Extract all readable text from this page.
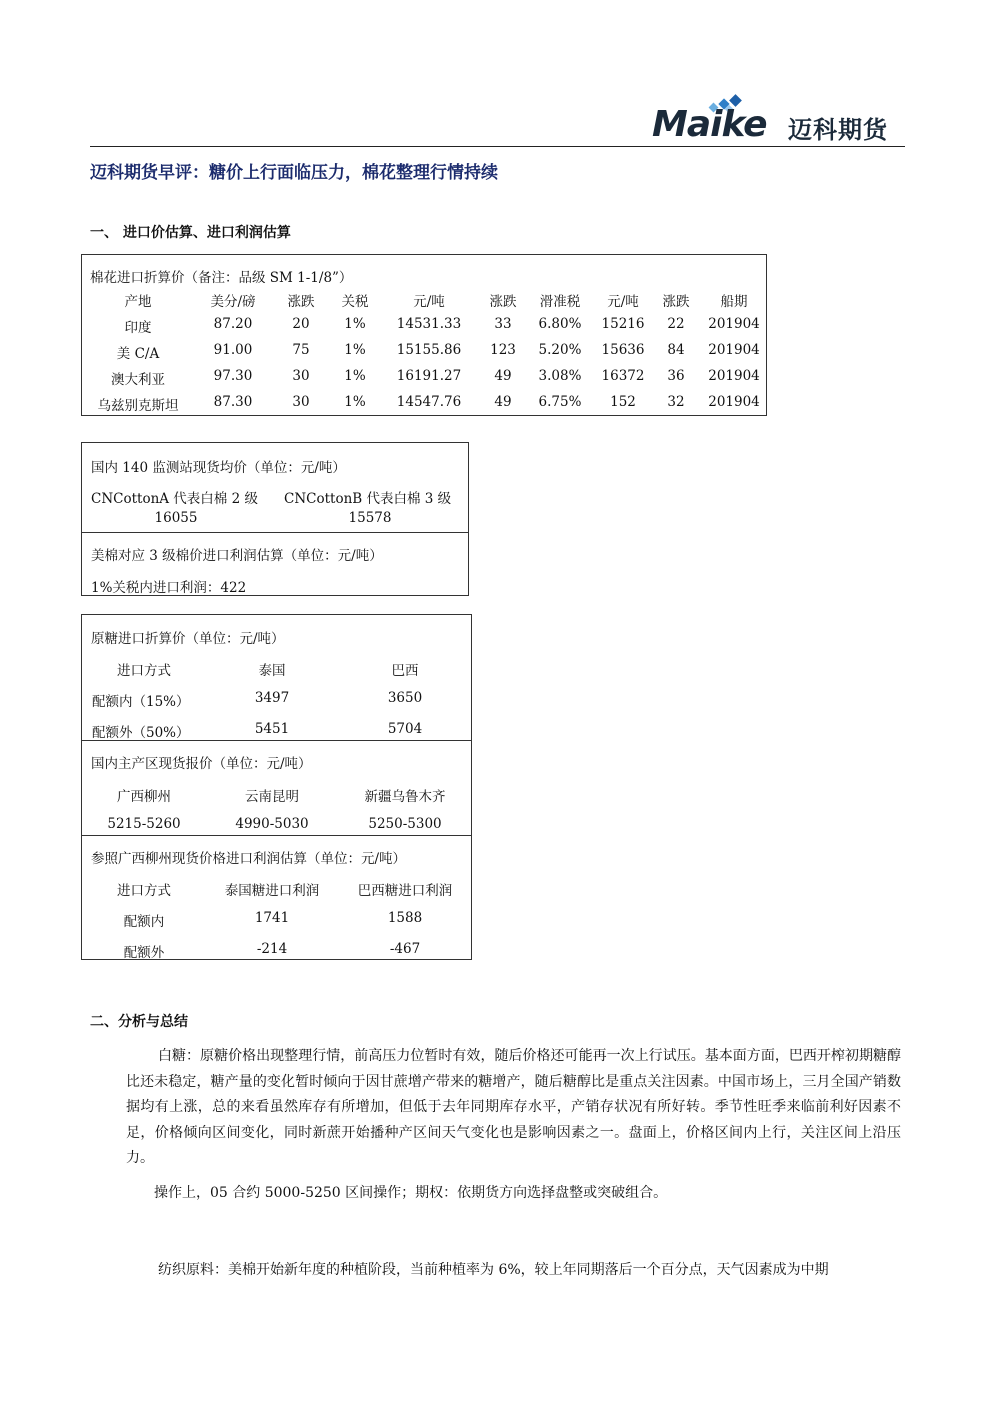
Maike 迈科期货
迈科期货早评：糖价上行面临压力，棉花整理行情持续
一、 进口价估算、进口利润估算
棉花进口折算价（备注：品级 SM 1-1/8”）
产地	美分/磅 涨跌 关税	元/吨	涨跌 滑准税 元/吨 涨跌 船期
印度	87.20	20	1% 14531.33 33 6.80% 15216 22 201904
美 C/A	91.00	75	1% 15155.86 123 5.20% 15636 84 201904
澳大利亚	97.30	30	1% 16191.27 49 3.08% 16372 36 201904
乌兹别克斯坦	87.30	30	1% 14547.76 49 6.75% 152 32 201904
国内 140 监测站现货均价（单位：元/吨）
CNCottonA 代表白棉 2 级 CNCottonB 代表白棉 3 级
16055	15578
美棉对应 3 级棉价进口利润估算（单位：元/吨）
1%关税内进口利润：422
原糖进口折算价（单位：元/吨）
进口方式	泰国	巴西
配额内（15%）	3497	3650
配额外（50%）	5451	5704
国内主产区现货报价（单位：元/吨）
广西柳州	云南昆明	新疆乌鲁木齐
5215-5260	4990-5030	5250-5300
参照广西柳州现货价格进口利润估算（单位：元/吨）
进口方式	泰国糖进口利润	巴西糖进口利润
配额内	1741	1588
配额外	-214	-467
二、分析与总结

白糖：原糖价格出现整理行情，前高压力位暂时有效，随后价格还可能再一次上行试压。基本面方面，巴西开榨初期糖醇比还未稳定，糖产量的变化暂时倾向于因甘蔗增产带来的糖增产，随后糖醇比是重点关注因素。中国市场上，三月全国产销数据均有上涨，总的来看虽然库存有所增加，但低于去年同期库存水平，产销存状况有所好转。季节性旺季来临前利好因素不足，价格倾向区间变化，同时新蔗开始播种产区间天气变化也是影响因素之一。盘面上，价格区间内上行，关注区间上沿压力。

操作上，05 合约 5000-5250 区间操作；期权：依期货方向选择盘整或突破组合。

纺织原料：美棉开始新年度的种植阶段，当前种植率为 6%，较上年同期落后一个百分点，天气因素成为中期
